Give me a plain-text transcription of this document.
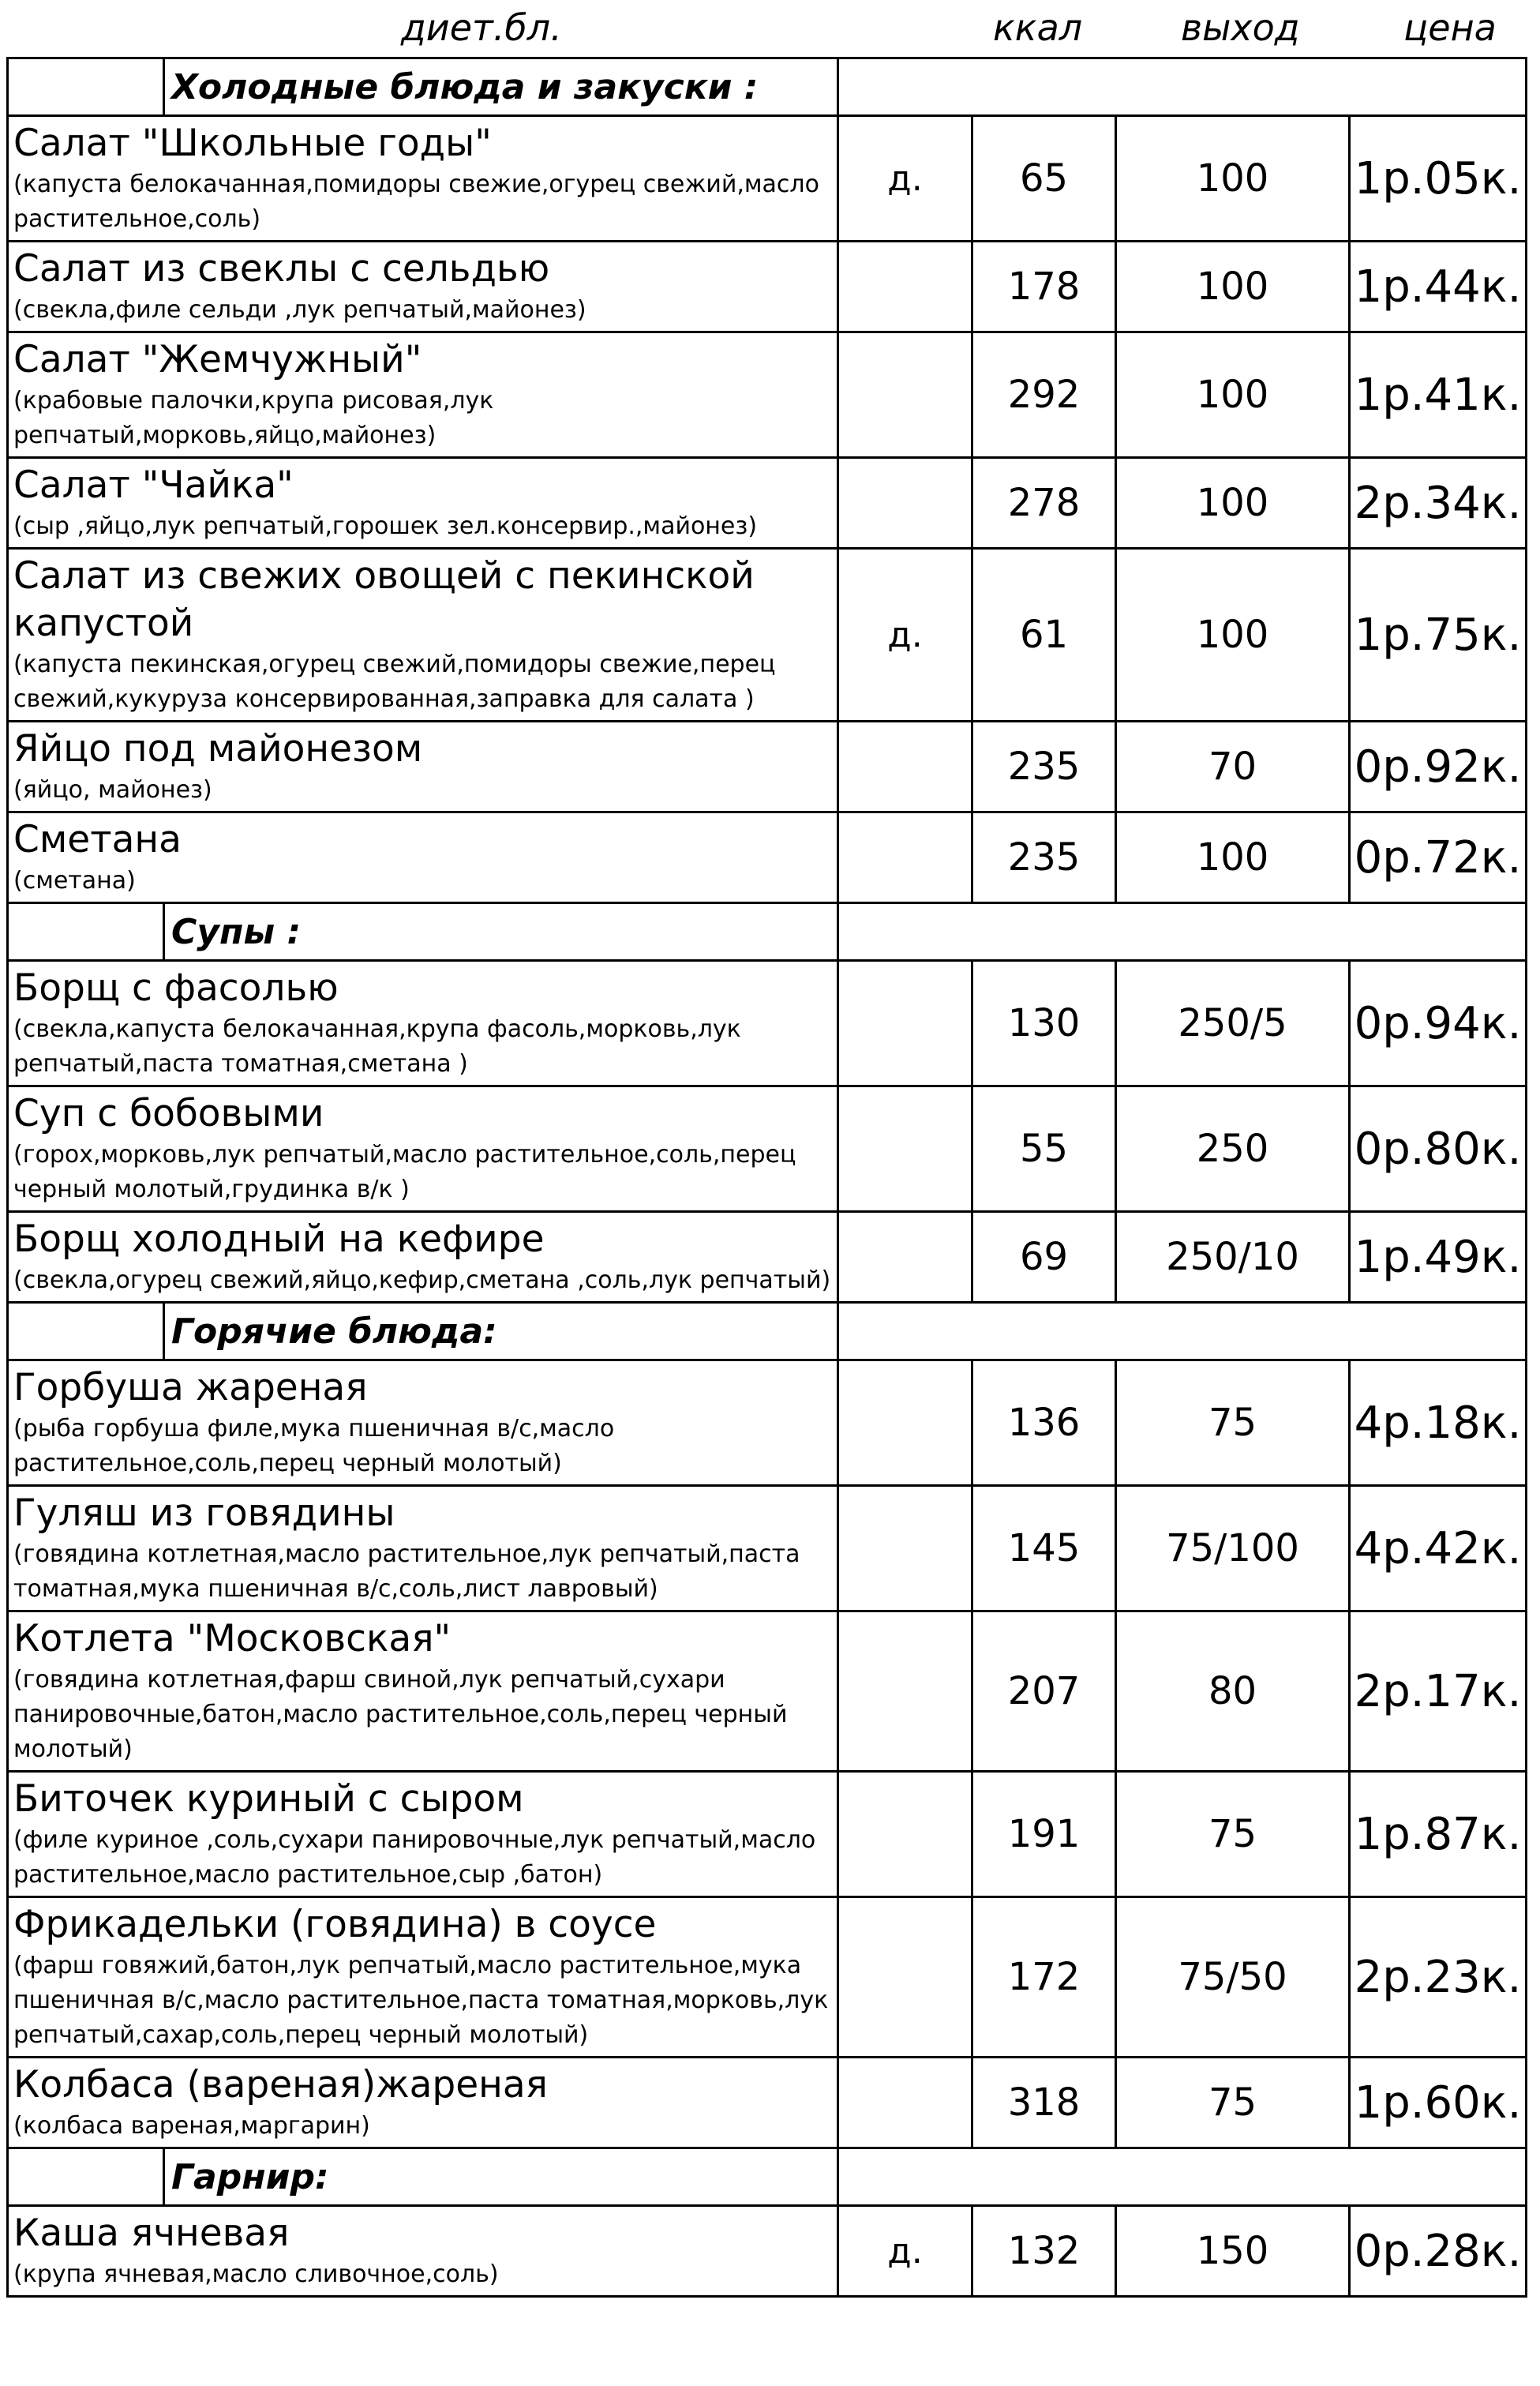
диет.бл.	ккал	выход	цена
Холодные блюда и закуски :				

Салат "Школьные годы"
(капуста белокачанная,помидоры свежие,огурец свежий,масло растительное,соль)	д.	65	100	1р.05к.

Салат из свеклы с сельдью
(свекла,филе сельди ,лук репчатый,майонез)		178	100	1р.44к.

Салат "Жемчужный"
(крабовые палочки,крупа рисовая,лук репчатый,морковь,яйцо,майонез)		292	100	1р.41к.

Салат "Чайка"
(сыр ,яйцо,лук репчатый,горошек зел.консервир.,майонез)		278	100	2р.34к.

Салат из свежих овощей с пекинской капустой
(капуста пекинская,огурец свежий,помидоры свежие,перец свежий,кукуруза консервированная,заправка для салата )	д.	61	100	1р.75к.

Яйцо под майонезом
(яйцо, майонез)		235	70	0р.92к.

Сметана
(сметана)		235	100	0р.72к.

Супы :				

Борщ с фасолью
(свекла,капуста белокачанная,крупа фасоль,морковь,лук репчатый,паста томатная,сметана )		130	250/5	0р.94к.

Суп с бобовыми
(горох,морковь,лук репчатый,масло растительное,соль,перец черный молотый,грудинка в/к )		55	250	0р.80к.

Борщ холодный на кефире
(свекла,огурец свежий,яйцо,кефир,сметана ,соль,лук репчатый)		69	250/10	1р.49к.

Горячие блюда:				

Горбуша жареная
(рыба горбуша филе,мука пшеничная в/с,масло растительное,соль,перец черный молотый)		136	75	4р.18к.

Гуляш из говядины
(говядина котлетная,масло растительное,лук репчатый,паста томатная,мука пшеничная в/с,соль,лист лавровый)		145	75/100	4р.42к.

Котлета "Московская"
(говядина котлетная,фарш свиной,лук репчатый,сухари панировочные,батон,масло растительное,соль,перец черный молотый)		207	80	2р.17к.

Биточек куриный с сыром
(филе куриное ,соль,сухари панировочные,лук репчатый,масло растительное,масло растительное,сыр ,батон)		191	75	1р.87к.

Фрикадельки (говядина) в соусе
(фарш говяжий,батон,лук репчатый,масло растительное,мука пшеничная в/с,масло растительное,паста томатная,морковь,лук репчатый,сахар,соль,перец черный молотый)		172	75/50	2р.23к.

Колбаса (вареная)жареная
(колбаса вареная,маргарин)		318	75	1р.60к.

Гарнир:				

Каша ячневая
(крупа ячневая,масло сливочное,соль)	д.	132	150	0р.28к.
